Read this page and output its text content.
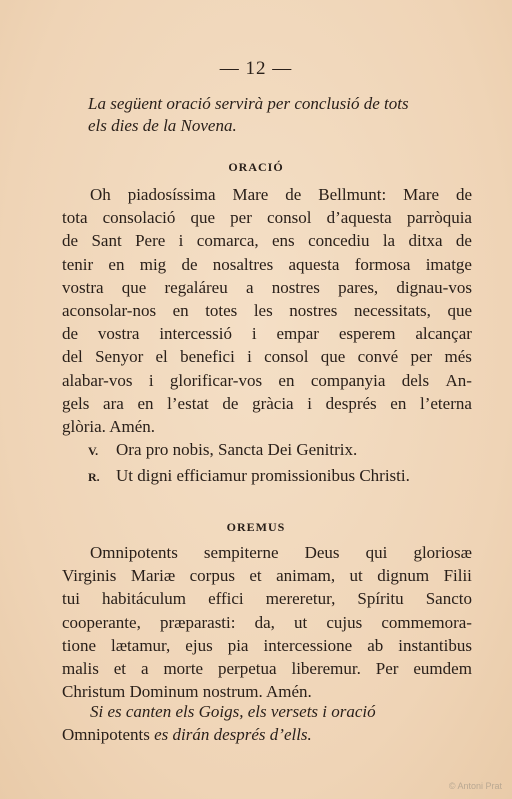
— 12 —
La següent oració servirà per conclusió de tots
els dies de la Novena.
ORACIÓ
Oh piadosíssima Mare de Bellmunt: Mare de
tota consolació que per consol d’aquesta parròquia
de Sant Pere i comarca, ens concediu la ditxa de
tenir en mig de nosaltres aquesta formosa imatge
vostra que regaláreu a nostres pares, dignau-vos
aconsolar-nos en totes les nostres necessitats, que
de vostra intercessió i empar esperem alcançar
del Senyor el benefici i consol que convé per més
alabar-vos i glorificar-vos en companyia dels An-
gels ara en l’estat de gràcia i després en l’eterna
glòria. Amén.
V. Ora pro nobis, Sancta Dei Genitrix.
R. Ut digni efficiamur promissionibus Christi.
OREMUS
Omnipotents sempiterne Deus qui gloriosæ
Virginis Mariæ corpus et animam, ut dignum Filii
tui habitáculum effici mereretur, Spíritu Sancto
cooperante, præparasti: da, ut cujus commemora-
tione lætamur, ejus pia intercessione ab instantibus
malis et a morte perpetua liberemur. Per eumdem
Christum Dominum nostrum. Amén.
Si es canten els Goigs, els versets i oració
Omnipotents es dirán després d’ells.
© Antoni Prat
